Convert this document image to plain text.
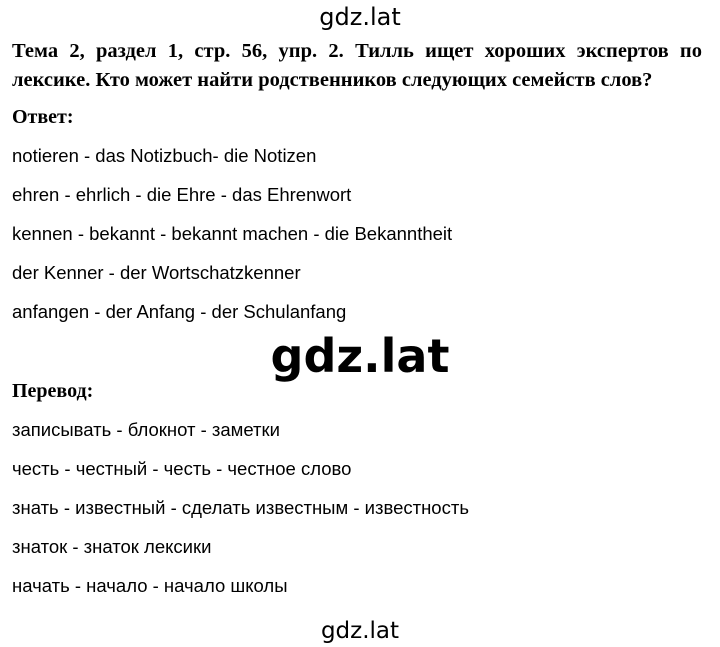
gdz.lat
Тема 2, раздел 1, стр. 56, упр. 2. Тилль ищет хороших экспертов по лексике. Кто может найти родственников следующих семейств слов?
Ответ:
notieren - das Notizbuch- die Notizen
ehren - ehrlich - die Ehre - das Ehrenwort
kennen - bekannt - bekannt machen - die Bekanntheit
der Kenner - der Wortschatzkenner
anfangen - der Anfang - der Schulanfang
gdz.lat
Перевод:
записывать - блокнот - заметки
честь - честный - честь - честное слово
знать - известный - сделать известным - известность
знаток - знаток лексики
начать - начало - начало школы
gdz.lat
